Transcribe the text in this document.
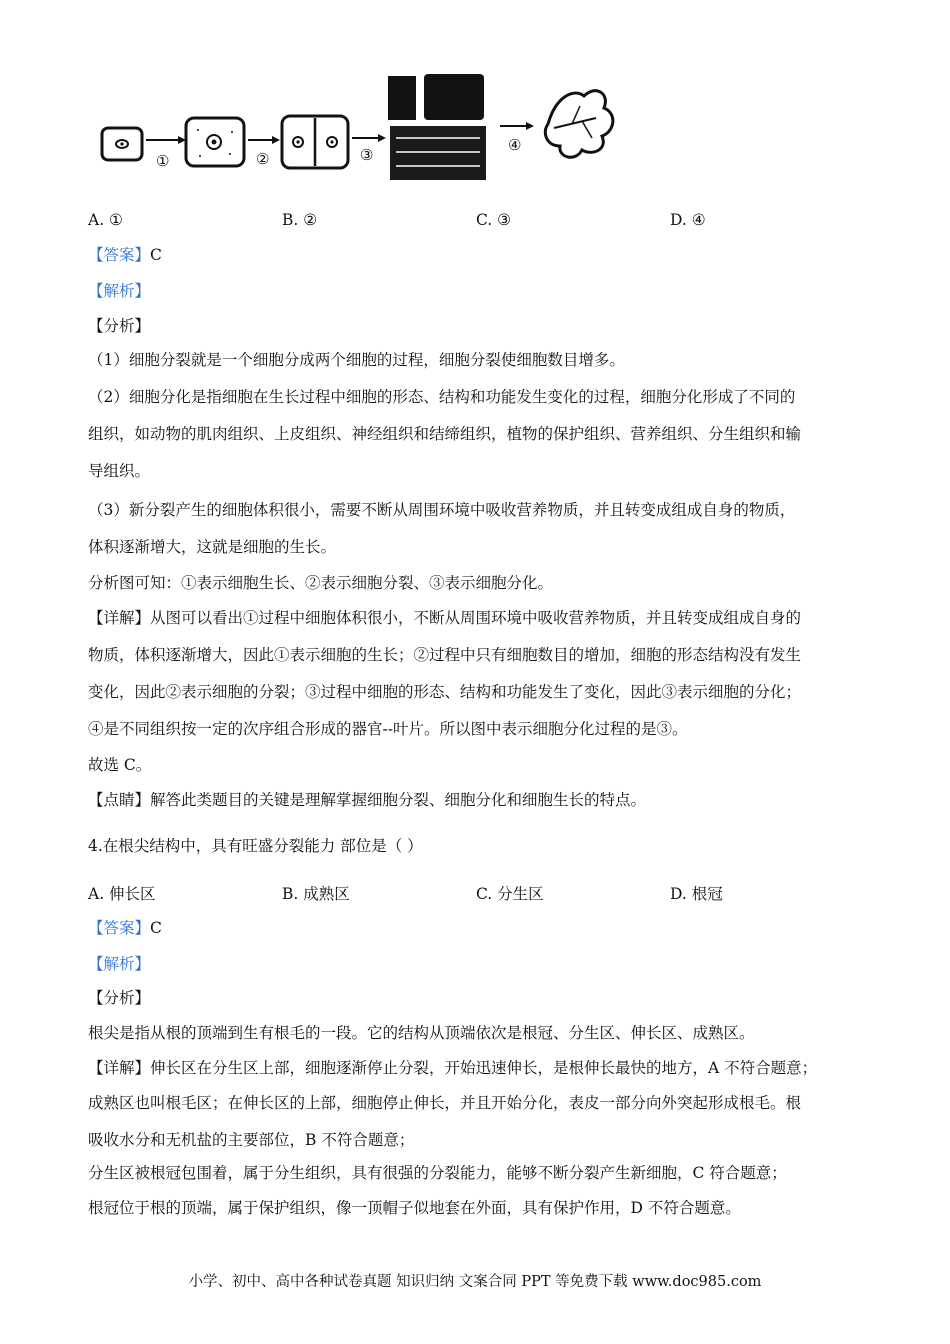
①	②	③
④
A. ①	B. ②	C. ③	D. ④
【答案】C
【解析】
【分析】
（1）细胞分裂就是一个细胞分成两个细胞的过程，细胞分裂使细胞数目增多。
（2）细胞分化是指细胞在生长过程中细胞的形态、结构和功能发生变化的过程，细胞分化形成了不同的
组织，如动物的肌肉组织、上皮组织、神经组织和结缔组织，植物的保护组织、营养组织、分生组织和输
导组织。
（3）新分裂产生的细胞体积很小，需要不断从周围环境中吸收营养物质，并且转变成组成自身的物质，
体积逐渐增大，这就是细胞的生长。
分析图可知：①表示细胞生长、②表示细胞分裂、③表示细胞分化。
【详解】从图可以看出①过程中细胞体积很小，不断从周围环境中吸收营养物质，并且转变成组成自身的
物质，体积逐渐增大，因此①表示细胞的生长；②过程中只有细胞数目的增加，细胞的形态结构没有发生
变化，因此②表示细胞的分裂；③过程中细胞的形态、结构和功能发生了变化，因此③表示细胞的分化；
④是不同组织按一定的次序组合形成的器官--叶片。所以图中表示细胞分化过程的是③。
故选 C。
【点睛】解答此类题目的关键是理解掌握细胞分裂、细胞分化和细胞生长的特点。
4.在根尖结构中，具有旺盛分裂能力 部位是（ ）
A. 伸长区	B. 成熟区	C. 分生区	D. 根冠
【答案】C
【解析】
【分析】
根尖是指从根的顶端到生有根毛的一段。它的结构从顶端依次是根冠、分生区、伸长区、成熟区。
【详解】伸长区在分生区上部，细胞逐渐停止分裂，开始迅速伸长，是根伸长最快的地方，A 不符合题意；
成熟区也叫根毛区；在伸长区的上部，细胞停止伸长，并且开始分化，表皮一部分向外突起形成根毛。根
吸收水分和无机盐的主要部位，B 不符合题意；
分生区被根冠包围着，属于分生组织，具有很强的分裂能力，能够不断分裂产生新细胞，C 符合题意；
根冠位于根的顶端，属于保护组织，像一顶帽子似地套在外面，具有保护作用，D 不符合题意。
小学、初中、高中各种试卷真题 知识归纳 文案合同 PPT 等免费下载 www.doc985.com
